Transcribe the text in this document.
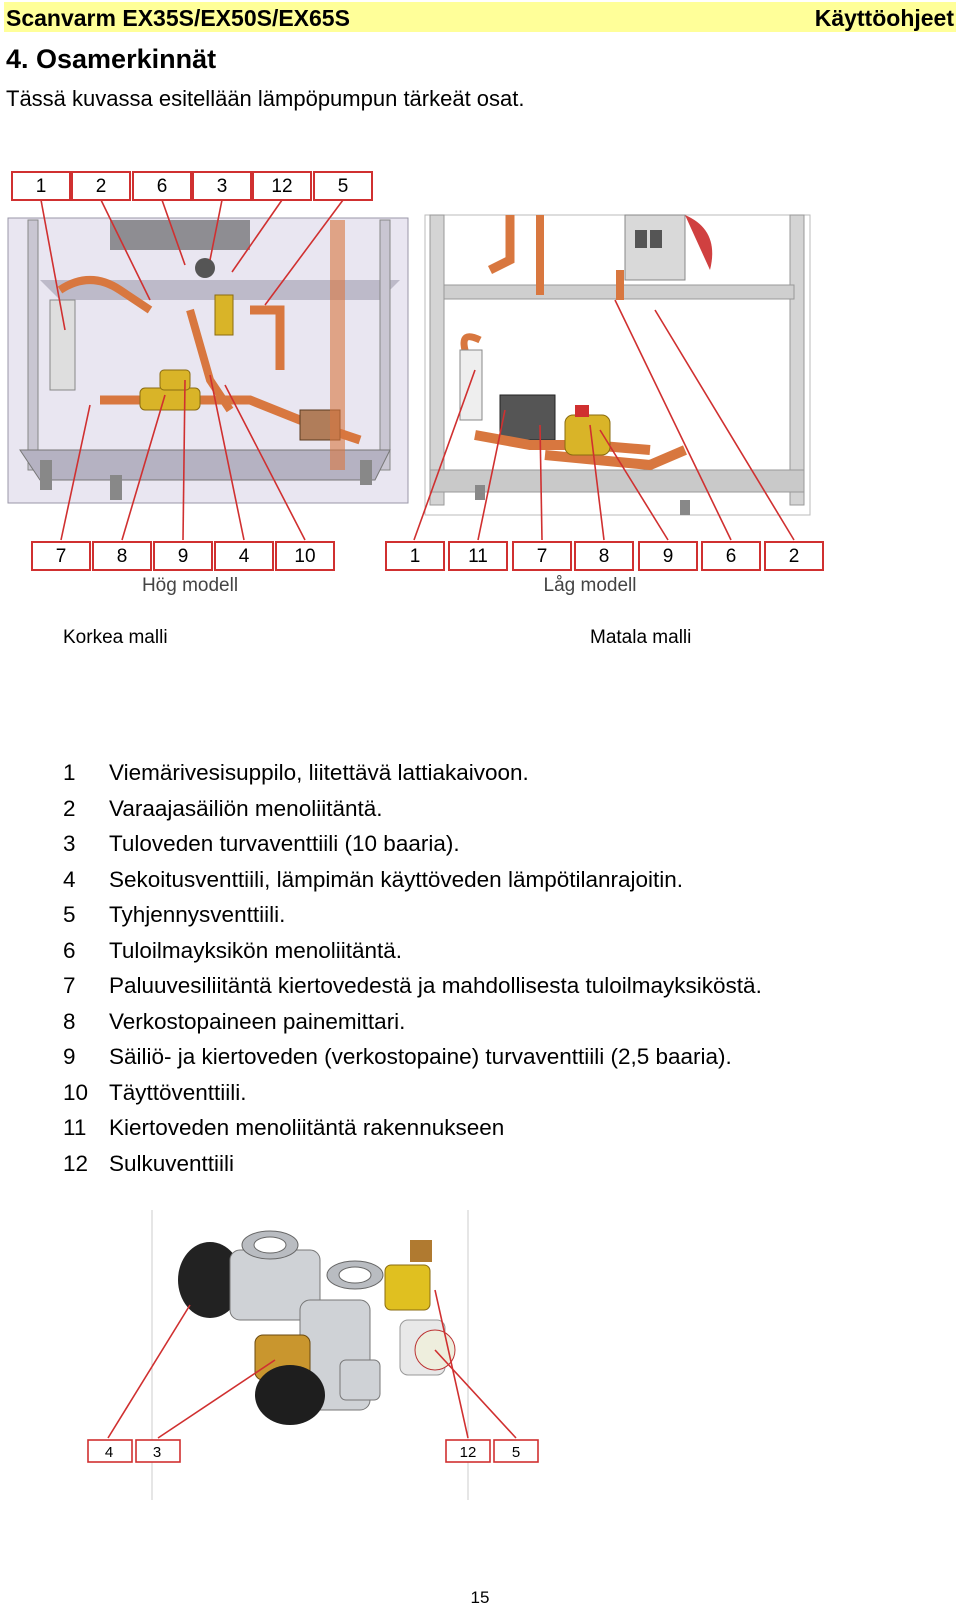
Scanvarm EX35S/EX50S/EX65S	Käyttöohjeet
4. Osamerkinnät
Tässä kuvassa esitellään lämpöpumpun tärkeät osat.
1	2	6	3 12 5
7	8	9	4 10
Hög modell
1	11	7	8	9	6	2
Låg modell
Korkea malli	Matala malli
1 Viemärivesisuppilo, liitettävä lattiakaivoon.
2 Varaajasäiliön menoliitäntä.
3 Tuloveden turvaventtiili (10 baaria).
4 Sekoitusventtiili, lämpimän käyttöveden lämpötilanrajoitin.
5 Tyhjennysventtiili.
6 Tuloilmayksikön menoliitäntä.
7 Paluuvesiliitäntä kiertovedestä ja mahdollisesta tuloilmayksiköstä.
8 Verkostopaineen painemittari.
9 Säiliö- ja kiertoveden (verkostopaine) turvaventtiili (2,5 baaria).
10 Täyttöventtiili.
11 Kiertoveden menoliitäntä rakennukseen
12 Sulkuventtiili
4	3	12 5
15
